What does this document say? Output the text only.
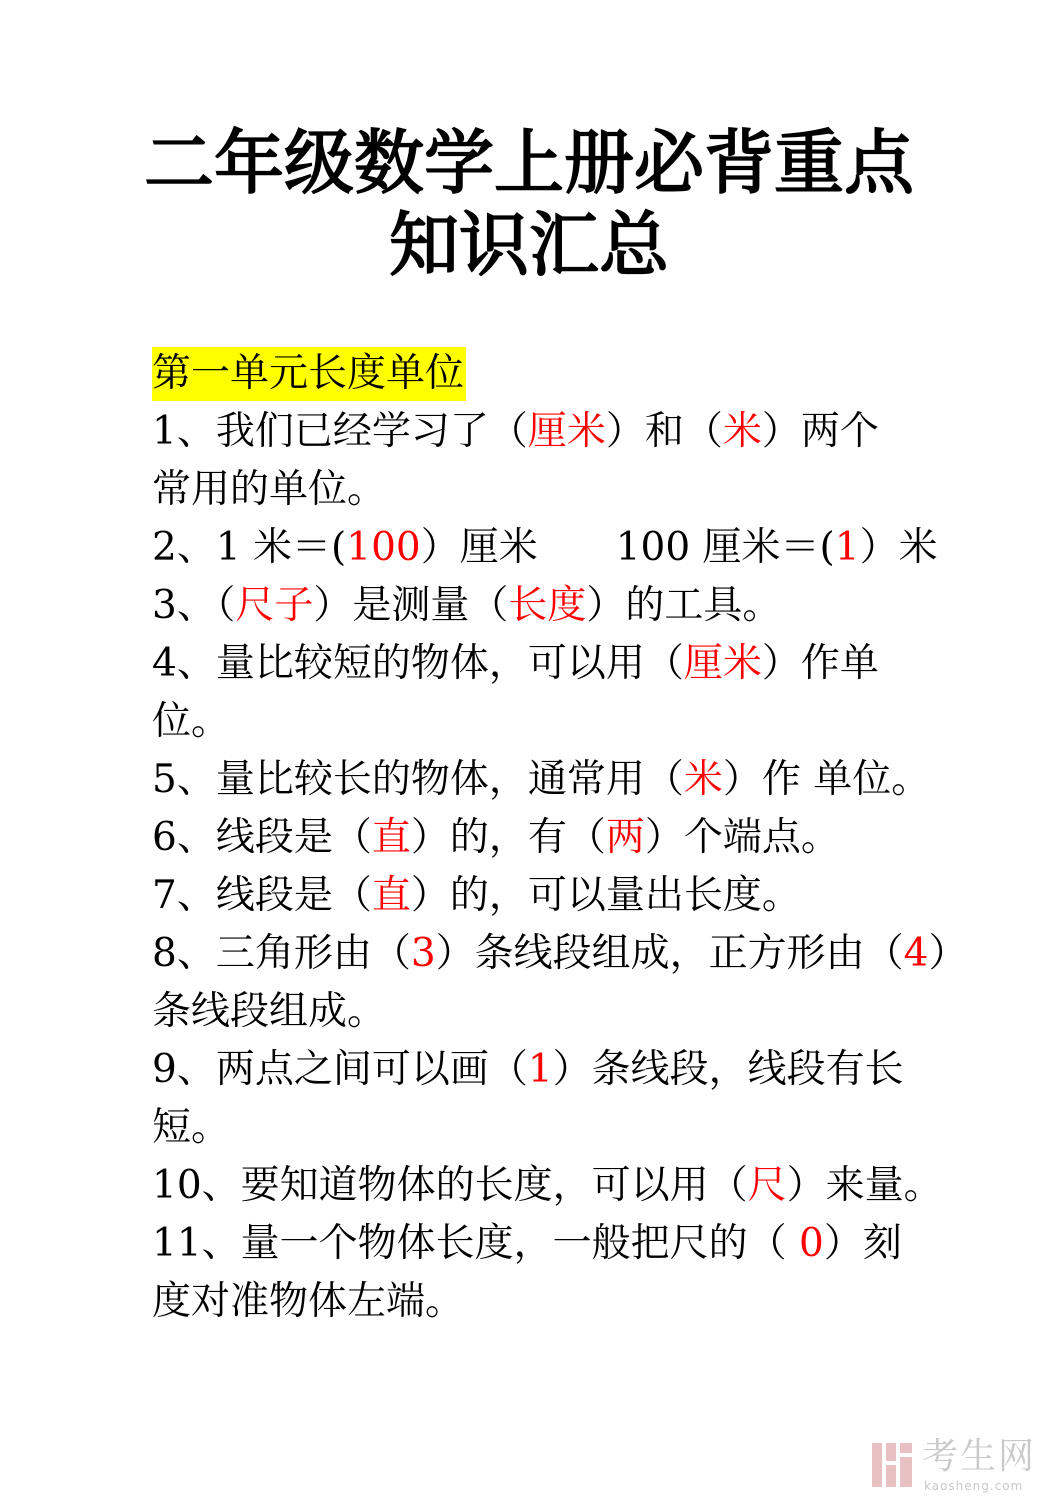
二年级数学上册必背重点
知识汇总
第一单元长度单位
1、我们已经学习了（厘米）和（米）两个
常用的单位。
2、1 米＝(100）厘米　　100 厘米＝(1）米
3、（尺子）是测量（长度）的工具。
4、量比较短的物体，可以用（厘米）作单
位。
5、量比较长的物体，通常用（米）作 单位。
6、线段是（直）的，有（两）个端点。
7、线段是（直）的，可以量出长度。
8、三角形由（3）条线段组成，正方形由（4）
条线段组成。
9、两点之间可以画（1）条线段，线段有长
短。
10、要知道物体的长度，可以用（尺）来量。
11、量一个物体长度，一般把尺的（ 0）刻
度对准物体左端。
考生网
kaosheng.com
